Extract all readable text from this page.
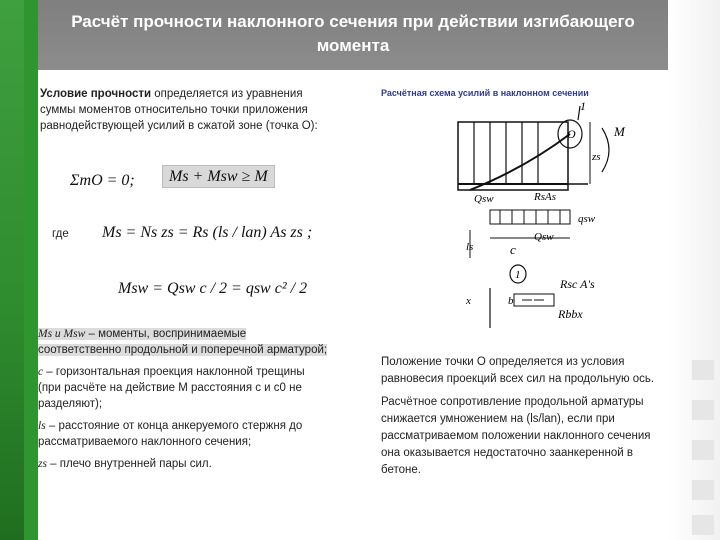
Расчёт прочности наклонного сечения при действии изгибающего момента

Условие прочности определяется из уравнения суммы моментов относительно точки приложения равнодействующей усилий в сжатой зоне (точка О):

ΣmO = 0;	Ms + Msw ≥ M
где Ms = Ns zs = Rs (ls / lan) As zs ;
Msw = Qsw c / 2 = qsw c² / 2
Ms и Msw – моменты, воспринимаемые соответственно продольной и поперечной арматурой;
c – горизонтальная проекция наклонной трещины (при расчёте на действие М расстояния с и с0 не разделяют);
ls – расстояние от конца анкеруемого стержня до рассматриваемого наклонного сечения;
zs – плечо внутренней пары сил.
Расчётная схема усилий в наклонном сечении
O
1
zs
M
RsAs
Qsw
qsw
ls	c
Qsw
1
b
x
Rsc A's
Rbbx

Положение точки О определяется из условия равновесия проекций всех сил на продольную ось.

Расчётное сопротивление продольной арматуры снижается умножением на (ls/lan), если при рассматриваемом положении наклонного сечения она оказывается недостаточно заанкеренной в бетоне.
